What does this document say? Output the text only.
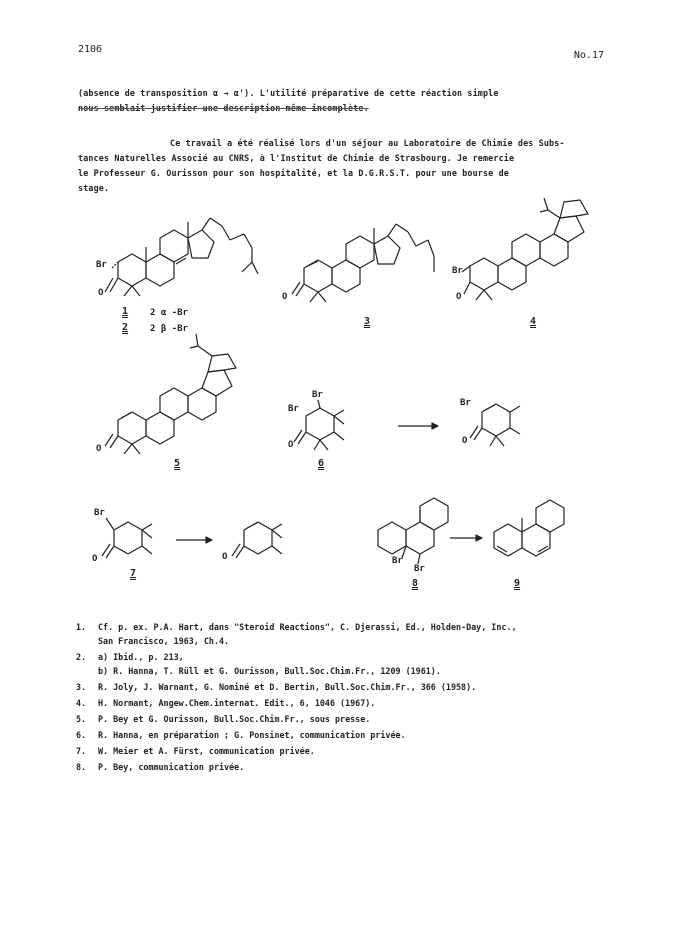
2106
No.17
(absence de transposition α → α'). L'utilité préparative de cette réaction simple
nous semblait justifier une description même incomplète.
Ce travail a été réalisé lors d'un séjour au Laboratoire de Chimie des Subs-
tances Naturelles Associé au CNRS, à l'Institut de Chimie de Strasbourg. Je remercie
le Professeur G. Ourisson pour son hospitalité, et la D.G.R.S.T. pour une bourse de
stage.
Br
O
1 2 α -Br
2 2 β -Br
O
3
Br
O
4
O
5
Br
Br
O
6
Br
O
Br
O
7
O	Br
Br
8	9
1.	Cf. p. ex. P.A. Hart, dans "Steroid Reactions", C. Djerassi, Ed., Holden-Day, Inc.,
San Francisco, 1963, Ch.4.
2.	a) Ibid., p. 213,
b) R. Hanna, T. Rüll et G. Ourisson, Bull.Soc.Chim.Fr., 1209 (1961).
3.	R. Joly, J. Warnant, G. Nominé et D. Bertin, Bull.Soc.Chim.Fr., 366 (1958).
4.	H. Normant, Angew.Chem.internat. Edit., 6, 1046 (1967).
5.	P. Bey et G. Ourisson, Bull.Soc.Chim.Fr., sous presse.
6.	R. Hanna, en préparation ; G. Ponsinet, communication privée.
7.	W. Meier et A. Fürst, communication privée.
8.	P. Bey, communication privée.
